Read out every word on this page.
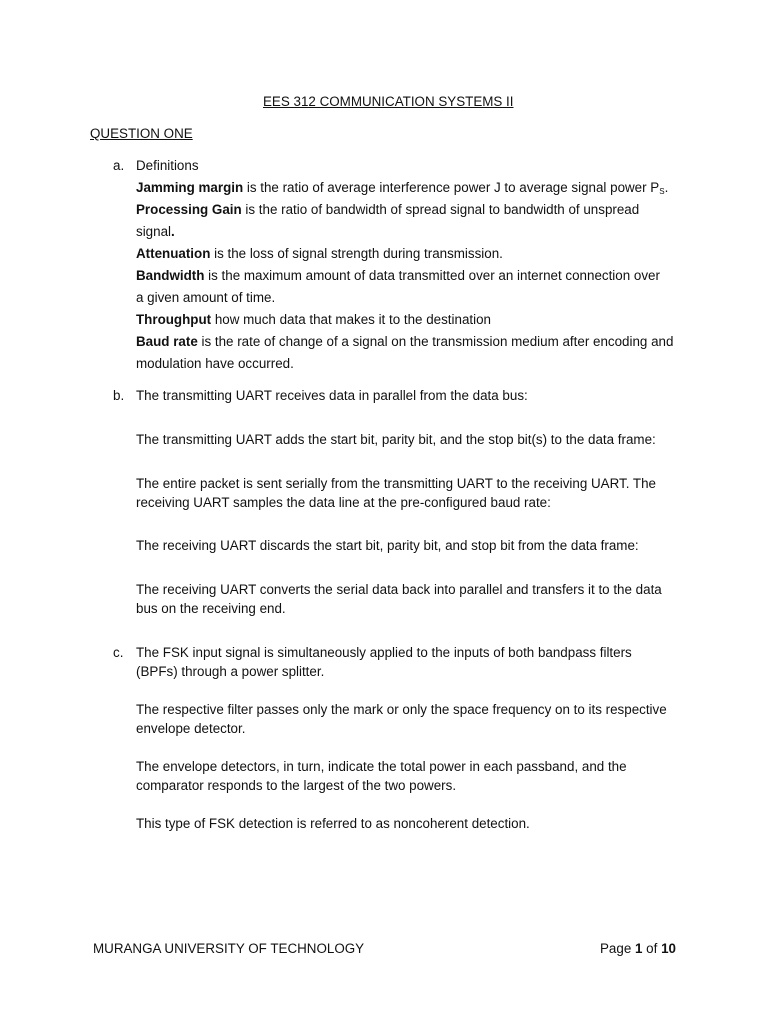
EES 312 COMMUNICATION SYSTEMS II
QUESTION ONE
a. Definitions
Jamming margin is the ratio of average interference power J to average signal power $P_S$.
Processing Gain is the ratio of bandwidth of spread signal to bandwidth of unspread
signal.
Attenuation is the loss of signal strength during transmission.
Bandwidth is the maximum amount of data transmitted over an internet connection over
a given amount of time.
Throughput how much data that makes it to the destination
Baud rate is the rate of change of a signal on the transmission medium after encoding and
modulation have occurred.
b. The transmitting UART receives data in parallel from the data bus:
The transmitting UART adds the start bit, parity bit, and the stop bit(s) to the data frame:
The entire packet is sent serially from the transmitting UART to the receiving UART. The
receiving UART samples the data line at the pre-configured baud rate:
The receiving UART discards the start bit, parity bit, and stop bit from the data frame:
The receiving UART converts the serial data back into parallel and transfers it to the data
bus on the receiving end.
c. The FSK input signal is simultaneously applied to the inputs of both bandpass filters
(BPFs) through a power splitter.
The respective filter passes only the mark or only the space frequency on to its respective
envelope detector.
The envelope detectors, in turn, indicate the total power in each passband, and the
comparator responds to the largest of the two powers.
This type of FSK detection is referred to as noncoherent detection.
MURANGA UNIVERSITY OF TECHNOLOGY	Page 1 of 10
